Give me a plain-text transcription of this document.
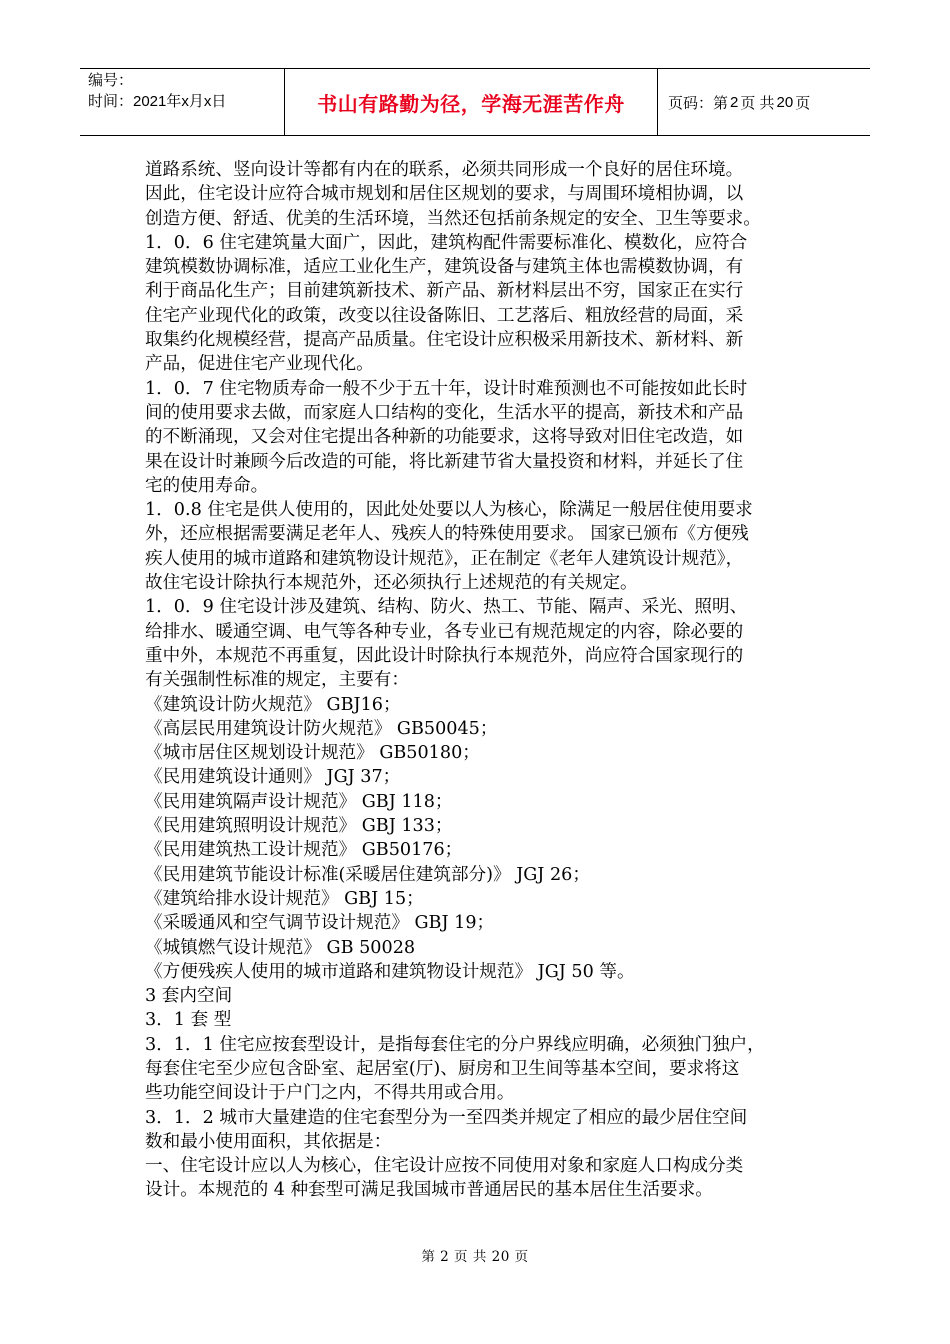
编号：
时间：2021年x月x日	书山有路勤为径，学海无涯苦作舟	页码：第 2 页 共 20 页

道路系统、竖向设计等都有内在的联系，必须共同形成一个良好的居住环境。

因此，住宅设计应符合城市规划和居住区规划的要求，与周围环境相协调，以

创造方便、舒适、优美的生活环境，当然还包括前条规定的安全、卫生等要求。

1．0．6 住宅建筑量大面广，因此，建筑构配件需要标准化、模数化，应符合

建筑模数协调标准，适应工业化生产，建筑设备与建筑主体也需模数协调，有

利于商品化生产；目前建筑新技术、新产品、新材料层出不穷，国家正在实行

住宅产业现代化的政策，改变以往设备陈旧、工艺落后、粗放经营的局面，采

取集约化规模经营，提高产品质量。住宅设计应积极采用新技术、新材料、新

产品，促进住宅产业现代化。

1．0．7 住宅物质寿命一般不少于五十年，设计时难预测也不可能按如此长时

间的使用要求去做，而家庭人口结构的变化，生活水平的提高，新技术和产品

的不断涌现，又会对住宅提出各种新的功能要求，这将导致对旧住宅改造，如

果在设计时兼顾今后改造的可能，将比新建节省大量投资和材料，并延长了住

宅的使用寿命。

1．0.8 住宅是供人使用的，因此处处要以人为核心，除满足一般居住使用要求

外，还应根据需要满足老年人、残疾人的特殊使用要求。 国家已颁布《方便残

疾人使用的城市道路和建筑物设计规范》，正在制定《老年人建筑设计规范》，

故住宅设计除执行本规范外，还必须执行上述规范的有关规定。

1．0．9 住宅设计涉及建筑、结构、防火、热工、节能、隔声、采光、照明、

给排水、暖通空调、电气等各种专业，各专业已有规范规定的内容，除必要的

重中外，本规范不再重复，因此设计时除执行本规范外，尚应符合国家现行的

有关强制性标准的规定，主要有：

《建筑设计防火规范》 GBJ16；

《高层民用建筑设计防火规范》 GB50045；

《城市居住区规划设计规范》 GB50180；

《民用建筑设计通则》 JGJ 37；

《民用建筑隔声设计规范》 GBJ 118；

《民用建筑照明设计规范》 GBJ 133；

《民用建筑热工设计规范》 GB50176；

《民用建筑节能设计标准(采暖居住建筑部分)》 JGJ 26；

《建筑给排水设计规范》 GBJ 15；

《采暖通风和空气调节设计规范》 GBJ 19；

《城镇燃气设计规范》 GB 50028

《方便残疾人使用的城市道路和建筑物设计规范》 JGJ 50 等。

3 套内空间

3．1 套 型

3．1．1 住宅应按套型设计，是指每套住宅的分户界线应明确，必须独门独户，

每套住宅至少应包含卧室、起居室(厅)、厨房和卫生间等基本空间，要求将这

些功能空间设计于户门之内，不得共用或合用。

3．1．2 城市大量建造的住宅套型分为一至四类并规定了相应的最少居住空间

数和最小使用面积，其依据是：

一、住宅设计应以人为核心，住宅设计应按不同使用对象和家庭人口构成分类

设计。本规范的 4 种套型可满足我国城市普通居民的基本居住生活要求。

第 2 页 共 20 页
